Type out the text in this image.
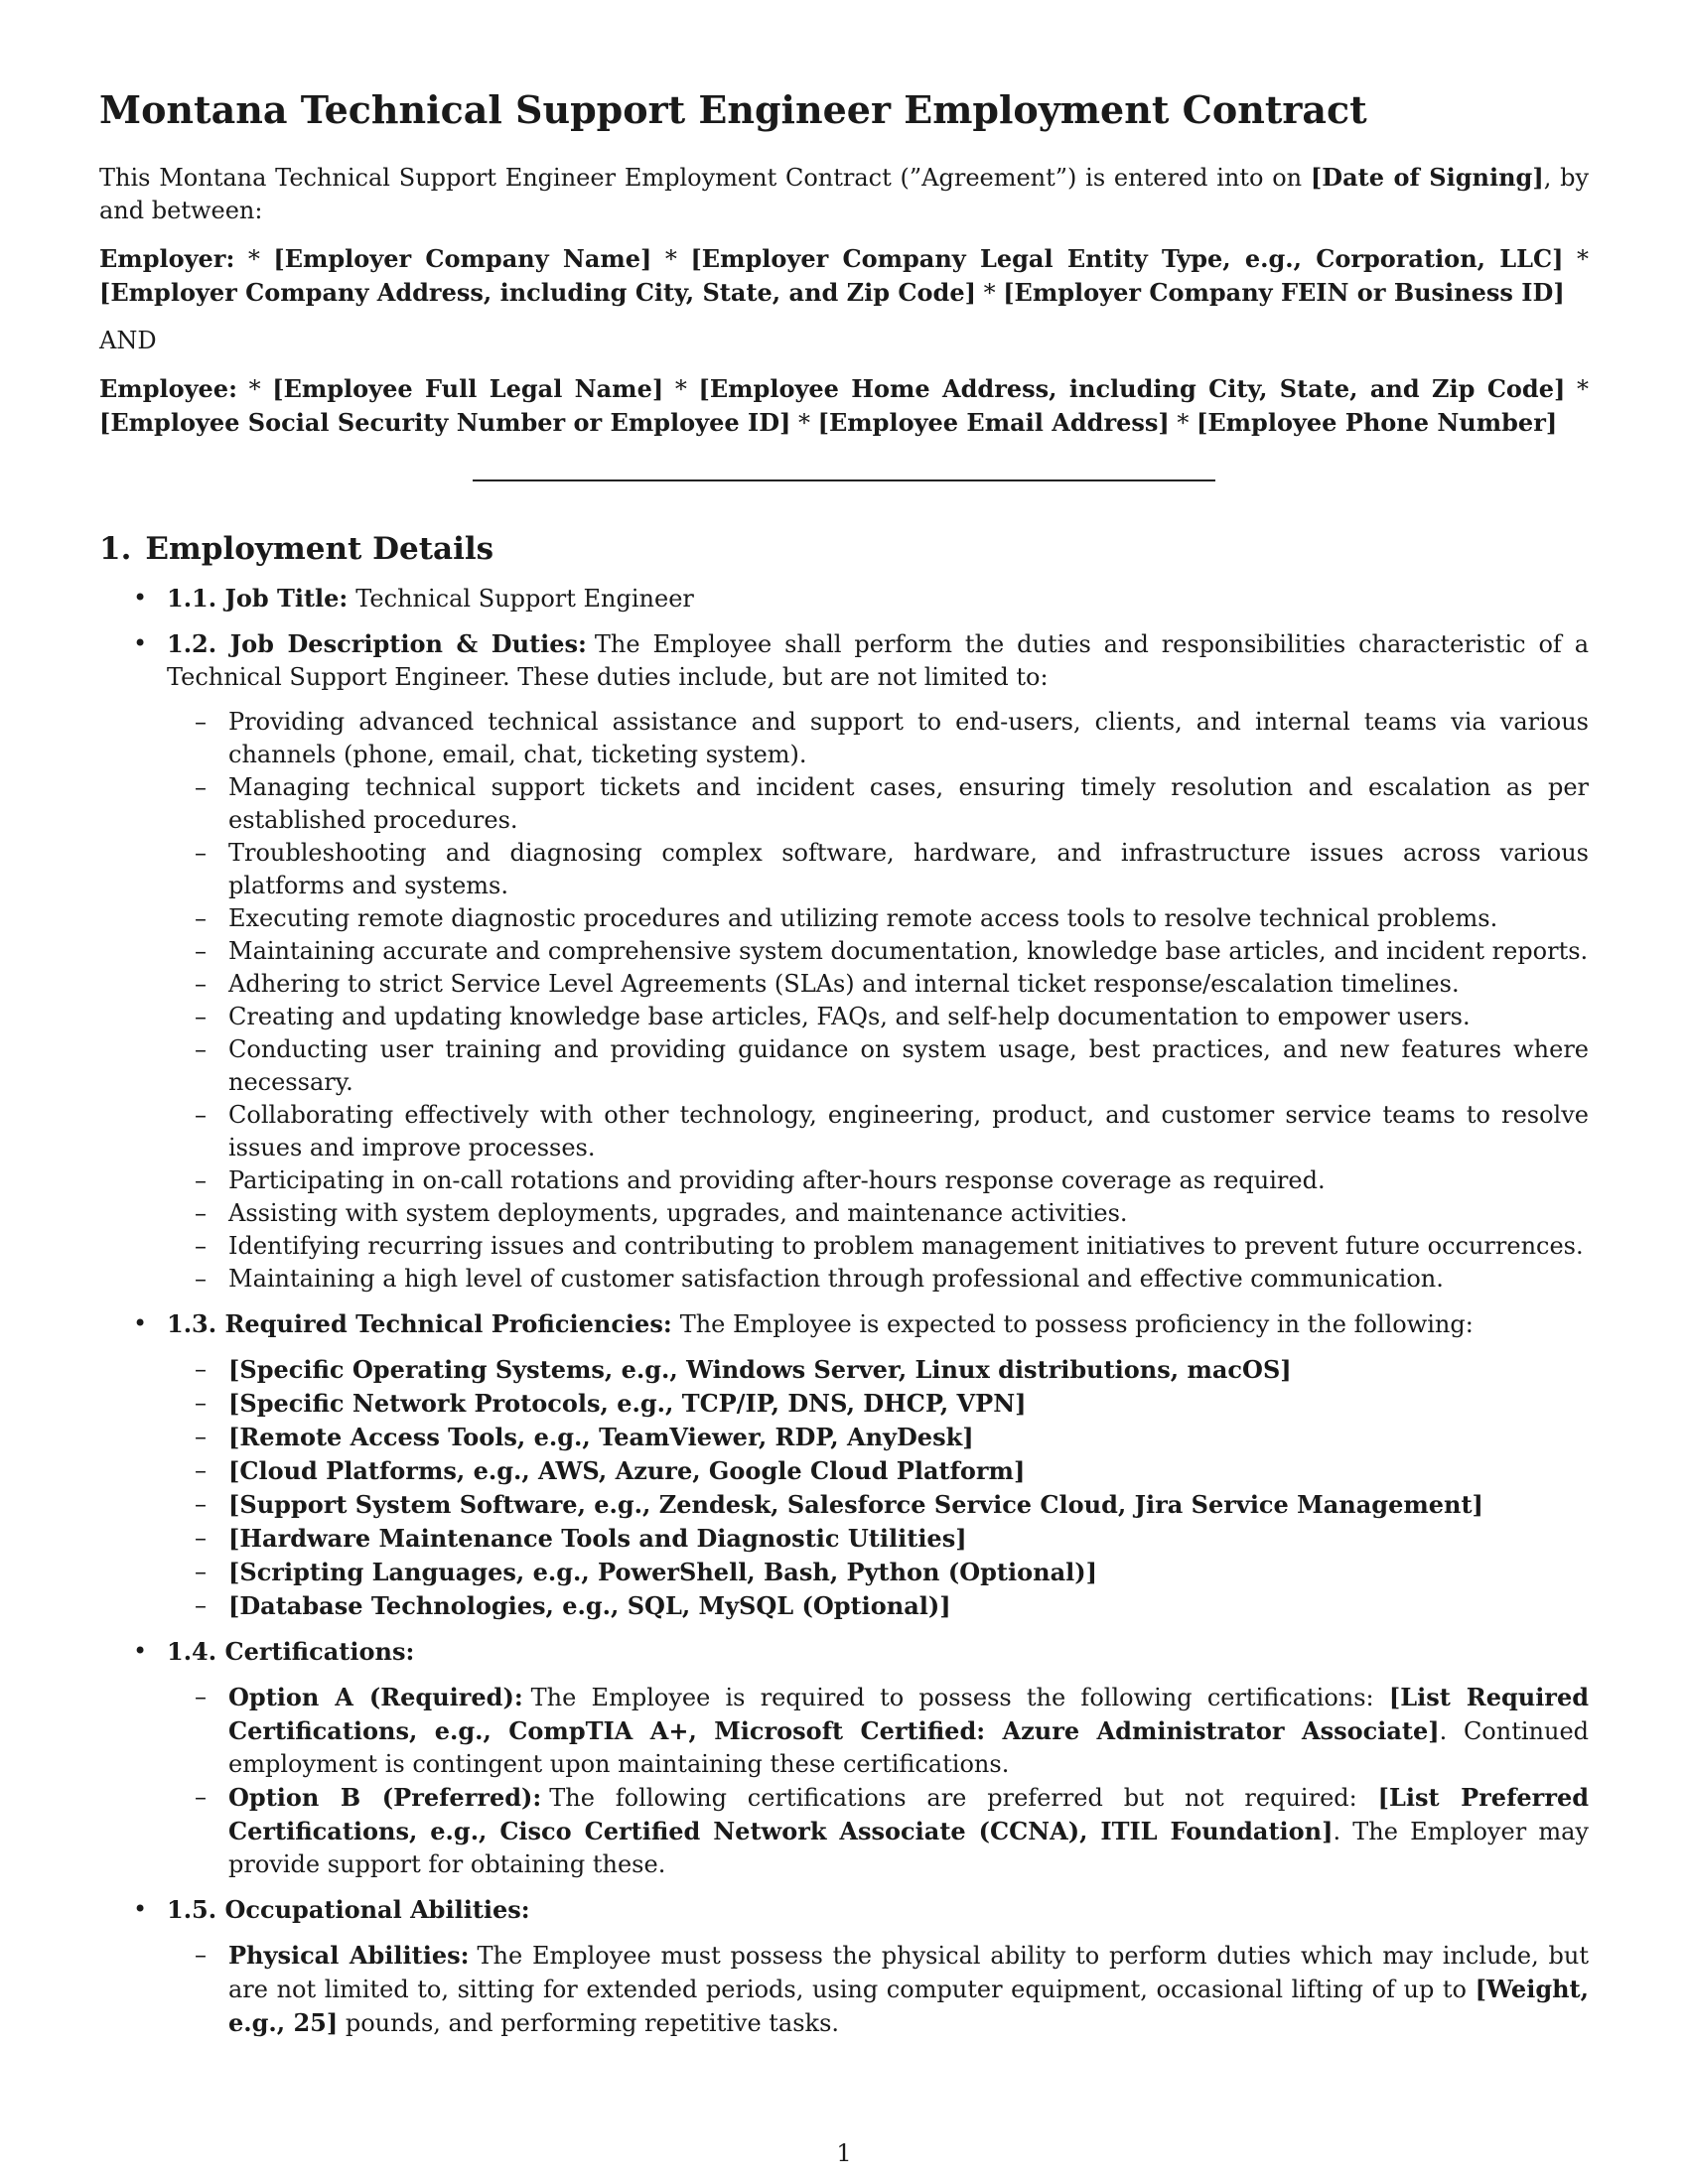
Montana Technical Support Engineer Employment Contract

This Montana Technical Support Engineer Employment Contract (”Agreement”) is entered into on [Date of Signing], by and between:

Employer: * [Employer Company Name] * [Employer Company Legal Entity Type, e.g., Corporation, LLC] * [Employer Company Address, including City, State, and Zip Code] * [Employer Company FEIN or Business ID]

AND

Employee: * [Employee Full Legal Name] * [Employee Home Address, including City, State, and Zip Code] * [Employee Social Security Number or Employee ID] * [Employee Email Address] * [Employee Phone Number]

1. Employment Details
• 1.1. Job Title: Technical Support Engineer
• 1.2. Job Description & Duties: The Employee shall perform the duties and responsibilities characteristic of a Technical Support Engineer. These duties include, but are not limited to:
– Providing advanced technical assistance and support to end-users, clients, and internal teams via various channels (phone, email, chat, ticketing system).
– Managing technical support tickets and incident cases, ensuring timely resolution and escalation as per established procedures.
– Troubleshooting and diagnosing complex software, hardware, and infrastructure issues across various platforms and systems.
– Executing remote diagnostic procedures and utilizing remote access tools to resolve technical problems.
– Maintaining accurate and comprehensive system documentation, knowledge base articles, and incident reports.
– Adhering to strict Service Level Agreements (SLAs) and internal ticket response/escalation timelines.
– Creating and updating knowledge base articles, FAQs, and self-help documentation to empower users.
– Conducting user training and providing guidance on system usage, best practices, and new features where necessary.
– Collaborating effectively with other technology, engineering, product, and customer service teams to resolve issues and improve processes.
– Participating in on-call rotations and providing after-hours response coverage as required.
– Assisting with system deployments, upgrades, and maintenance activities.
– Identifying recurring issues and contributing to problem management initiatives to prevent future occurrences.
– Maintaining a high level of customer satisfaction through professional and effective communication.
• 1.3. Required Technical Proficiencies: The Employee is expected to possess proficiency in the following:
– [Specific Operating Systems, e.g., Windows Server, Linux distributions, macOS]
– [Specific Network Protocols, e.g., TCP/IP, DNS, DHCP, VPN]
– [Remote Access Tools, e.g., TeamViewer, RDP, AnyDesk]
– [Cloud Platforms, e.g., AWS, Azure, Google Cloud Platform]
– [Support System Software, e.g., Zendesk, Salesforce Service Cloud, Jira Service Management]
– [Hardware Maintenance Tools and Diagnostic Utilities]
– [Scripting Languages, e.g., PowerShell, Bash, Python (Optional)]
– [Database Technologies, e.g., SQL, MySQL (Optional)]
• 1.4. Certifications:
– Option A (Required): The Employee is required to possess the following certifications: [List Required Certifications, e.g., CompTIA A+, Microsoft Certified: Azure Administrator Associate]. Continued employment is contingent upon maintaining these certifications.
– Option B (Preferred): The following certifications are preferred but not required: [List Preferred Certifications, e.g., Cisco Certified Network Associate (CCNA), ITIL Foundation]. The Employer may provide support for obtaining these.
• 1.5. Occupational Abilities:
– Physical Abilities: The Employee must possess the physical ability to perform duties which may include, but are not limited to, sitting for extended periods, using computer equipment, occasional lifting of up to [Weight, e.g., 25] pounds, and performing repetitive tasks.
1
